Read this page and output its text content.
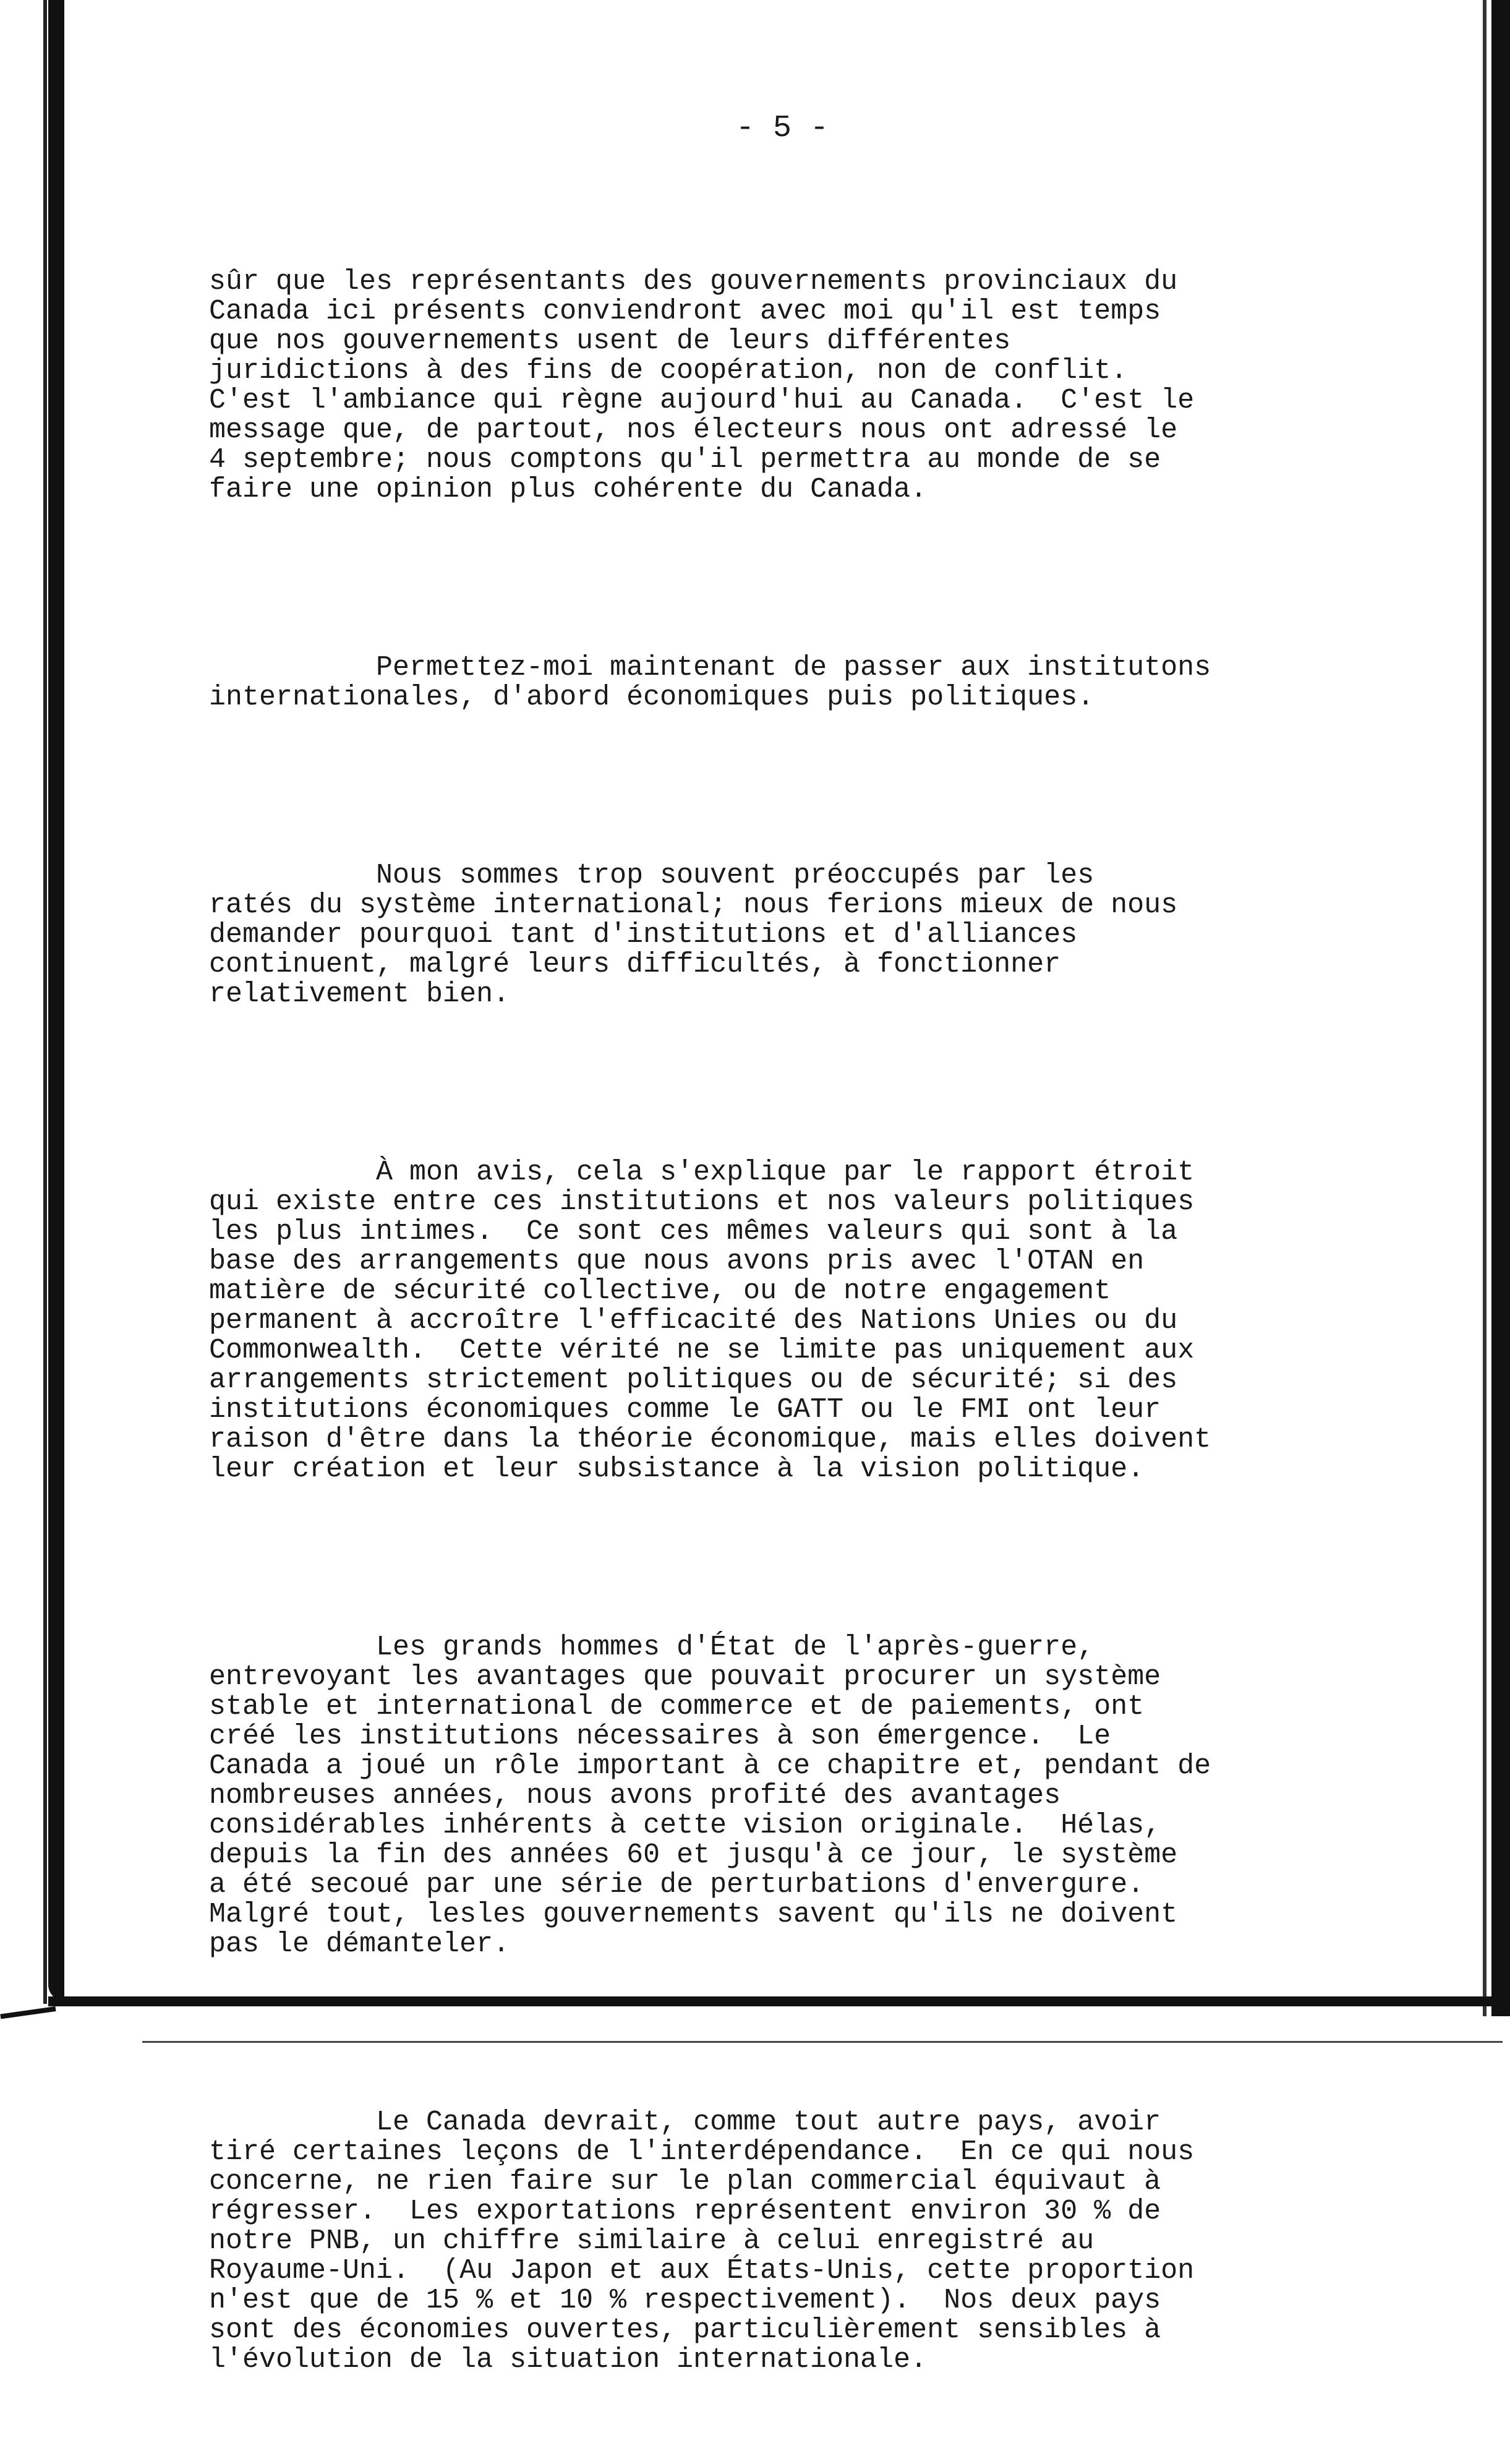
- 5 -

sûr que les représentants des gouvernements provinciaux du
Canada ici présents conviendront avec moi qu'il est temps
que nos gouvernements usent de leurs différentes
juridictions à des fins de coopération, non de conflit.
C'est l'ambiance qui règne aujourd'hui au Canada.  C'est le
message que, de partout, nos électeurs nous ont adressé le
4 septembre; nous comptons qu'il permettra au monde de se
faire une opinion plus cohérente du Canada.

Permettez-moi maintenant de passer aux institutons
internationales, d'abord économiques puis politiques.

Nous sommes trop souvent préoccupés par les
ratés du système international; nous ferions mieux de nous
demander pourquoi tant d'institutions et d'alliances
continuent, malgré leurs difficultés, à fonctionner
relativement bien.

À mon avis, cela s'explique par le rapport étroit
qui existe entre ces institutions et nos valeurs politiques
les plus intimes.  Ce sont ces mêmes valeurs qui sont à la
base des arrangements que nous avons pris avec l'OTAN en
matière de sécurité collective, ou de notre engagement
permanent à accroître l'efficacité des Nations Unies ou du
Commonwealth.  Cette vérité ne se limite pas uniquement aux
arrangements strictement politiques ou de sécurité; si des
institutions économiques comme le GATT ou le FMI ont leur
raison d'être dans la théorie économique, mais elles doivent
leur création et leur subsistance à la vision politique.

Les grands hommes d'État de l'après-guerre,
entrevoyant les avantages que pouvait procurer un système
stable et international de commerce et de paiements, ont
créé les institutions nécessaires à son émergence.  Le
Canada a joué un rôle important à ce chapitre et, pendant de
nombreuses années, nous avons profité des avantages
considérables inhérents à cette vision originale.  Hélas,
depuis la fin des années 60 et jusqu'à ce jour, le système
a été secoué par une série de perturbations d'envergure.
Malgré tout, lesles gouvernements savent qu'ils ne doivent
pas le démanteler.

Le Canada devrait, comme tout autre pays, avoir
tiré certaines leçons de l'interdépendance.  En ce qui nous
concerne, ne rien faire sur le plan commercial équivaut à
régresser.  Les exportations représentent environ 30 % de
notre PNB, un chiffre similaire à celui enregistré au
Royaume-Uni.  (Au Japon et aux États-Unis, cette proportion
n'est que de 15 % et 10 % respectivement).  Nos deux pays
sont des économies ouvertes, particulièrement sensibles à
l'évolution de la situation internationale.
